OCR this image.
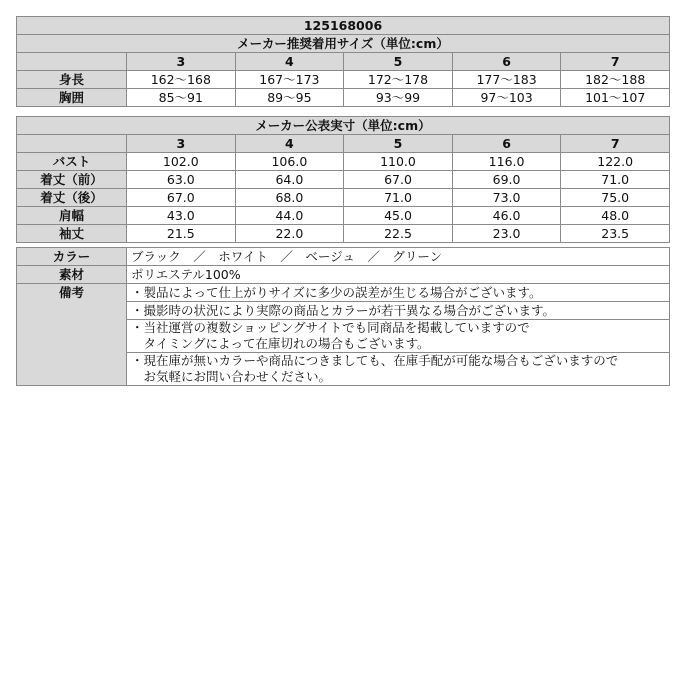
125168006					
メーカー推奨着用サイズ（単位:cm）					
	3	4	5	6	7
身長	162～168	167～173	172～178	177～183	182～188
胸囲	85～91	89～95	93～99	97～103	101～107
メーカー公表実寸（単位:cm）					
	3	4	5	6	7
バスト	102.0	106.0	110.0	116.0	122.0
着丈（前）	63.0	64.0	67.0	69.0	71.0
着丈（後）	67.0	68.0	71.0	73.0	75.0
肩幅	43.0	44.0	45.0	46.0	48.0
袖丈	21.5	22.0	22.5	23.0	23.5
カラー	ブラック　／　ホワイト　／　ベージュ　／　グリーン
素材	ポリエステル100%
備考	・製品によって仕上がりサイズに多少の誤差が生じる場合がございます。

	・撮影時の状況により実際の商品とカラーが若干異なる場合がございます。

	・当社運営の複数ショッピングサイトでも同商品を掲載していますので
　タイミングによって在庫切れの場合もございます。

	・現在庫が無いカラーや商品につきましても、在庫手配が可能な場合もございますので
　お気軽にお問い合わせください。
